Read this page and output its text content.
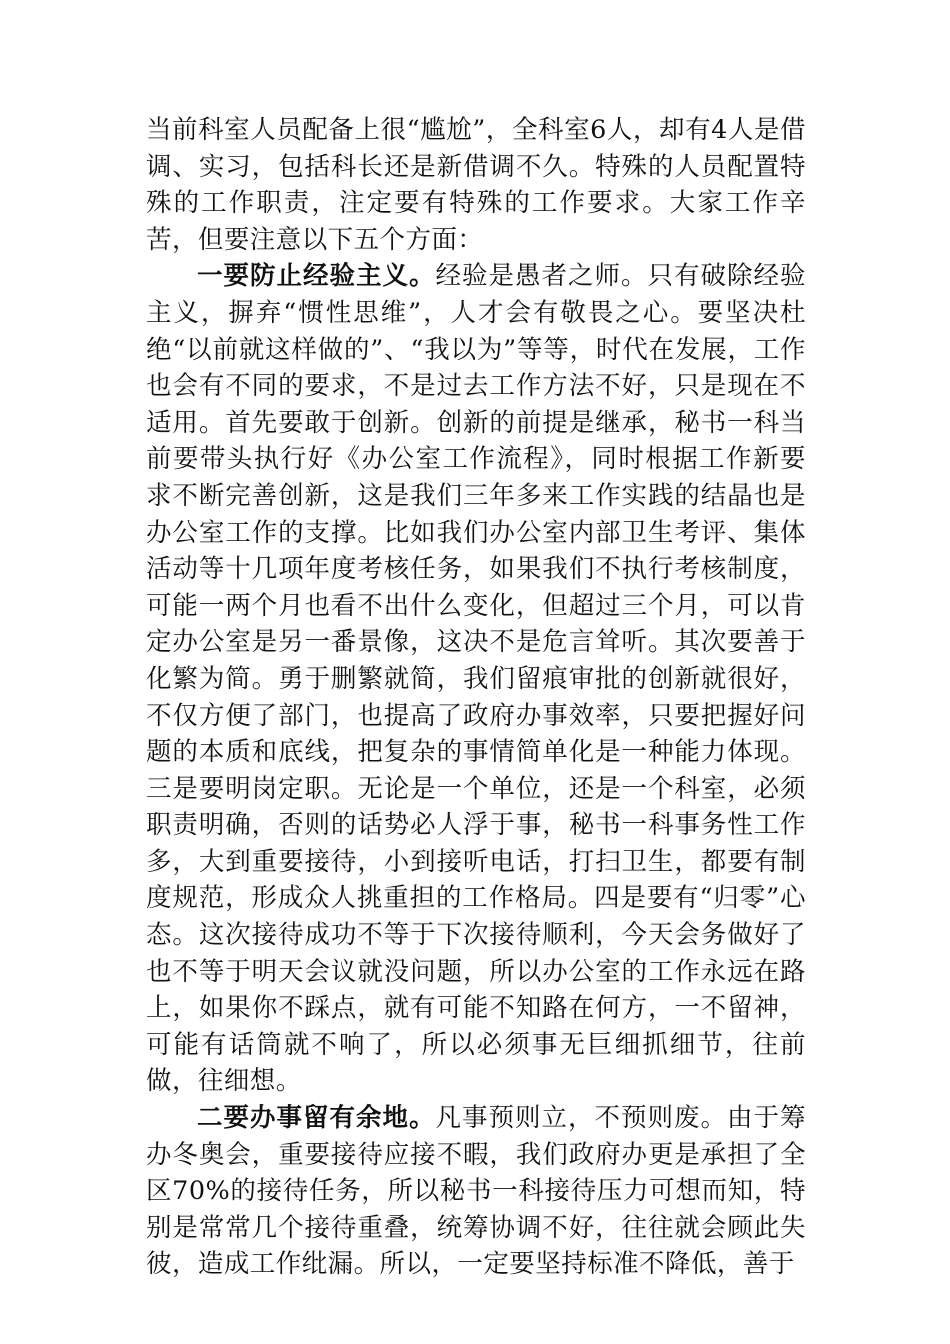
当前科室人员配备上很“尴尬”，全科室6人，却有4人是借调、实习，包括科长还是新借调不久。特殊的人员配置特殊的工作职责，注定要有特殊的工作要求。大家工作辛苦，但要注意以下五个方面：

一要防止经验主义。经验是愚者之师。只有破除经验主义，摒弃“惯性思维”，人才会有敬畏之心。要坚决杜绝“以前就这样做的”、“我以为”等等，时代在发展，工作也会有不同的要求，不是过去工作方法不好，只是现在不适用。首先要敢于创新。创新的前提是继承，秘书一科当前要带头执行好《办公室工作流程》，同时根据工作新要求不断完善创新，这是我们三年多来工作实践的结晶也是办公室工作的支撑。比如我们办公室内部卫生考评、集体活动等十几项年度考核任务，如果我们不执行考核制度，可能一两个月也看不出什么变化，但超过三个月，可以肯定办公室是另一番景像，这决不是危言耸听。其次要善于化繁为简。勇于删繁就简，我们留痕审批的创新就很好，不仅方便了部门，也提高了政府办事效率，只要把握好问题的本质和底线，把复杂的事情简单化是一种能力体现。三是要明岗定职。无论是一个单位，还是一个科室，必须职责明确，否则的话势必人浮于事，秘书一科事务性工作多，大到重要接待，小到接听电话，打扫卫生，都要有制度规范，形成众人挑重担的工作格局。四是要有“归零”心态。这次接待成功不等于下次接待顺利，今天会务做好了也不等于明天会议就没问题，所以办公室的工作永远在路上，如果你不踩点，就有可能不知路在何方，一不留神，可能有话筒就不响了，所以必须事无巨细抓细节，往前做，往细想。

二要办事留有余地。凡事预则立，不预则废。由于筹办冬奥会，重要接待应接不暇，我们政府办更是承担了全区70%的接待任务，所以秘书一科接待压力可想而知，特别是常常几个接待重叠，统筹协调不好，往往就会顾此失彼，造成工作纰漏。所以，一定要坚持标准不降低，善于
